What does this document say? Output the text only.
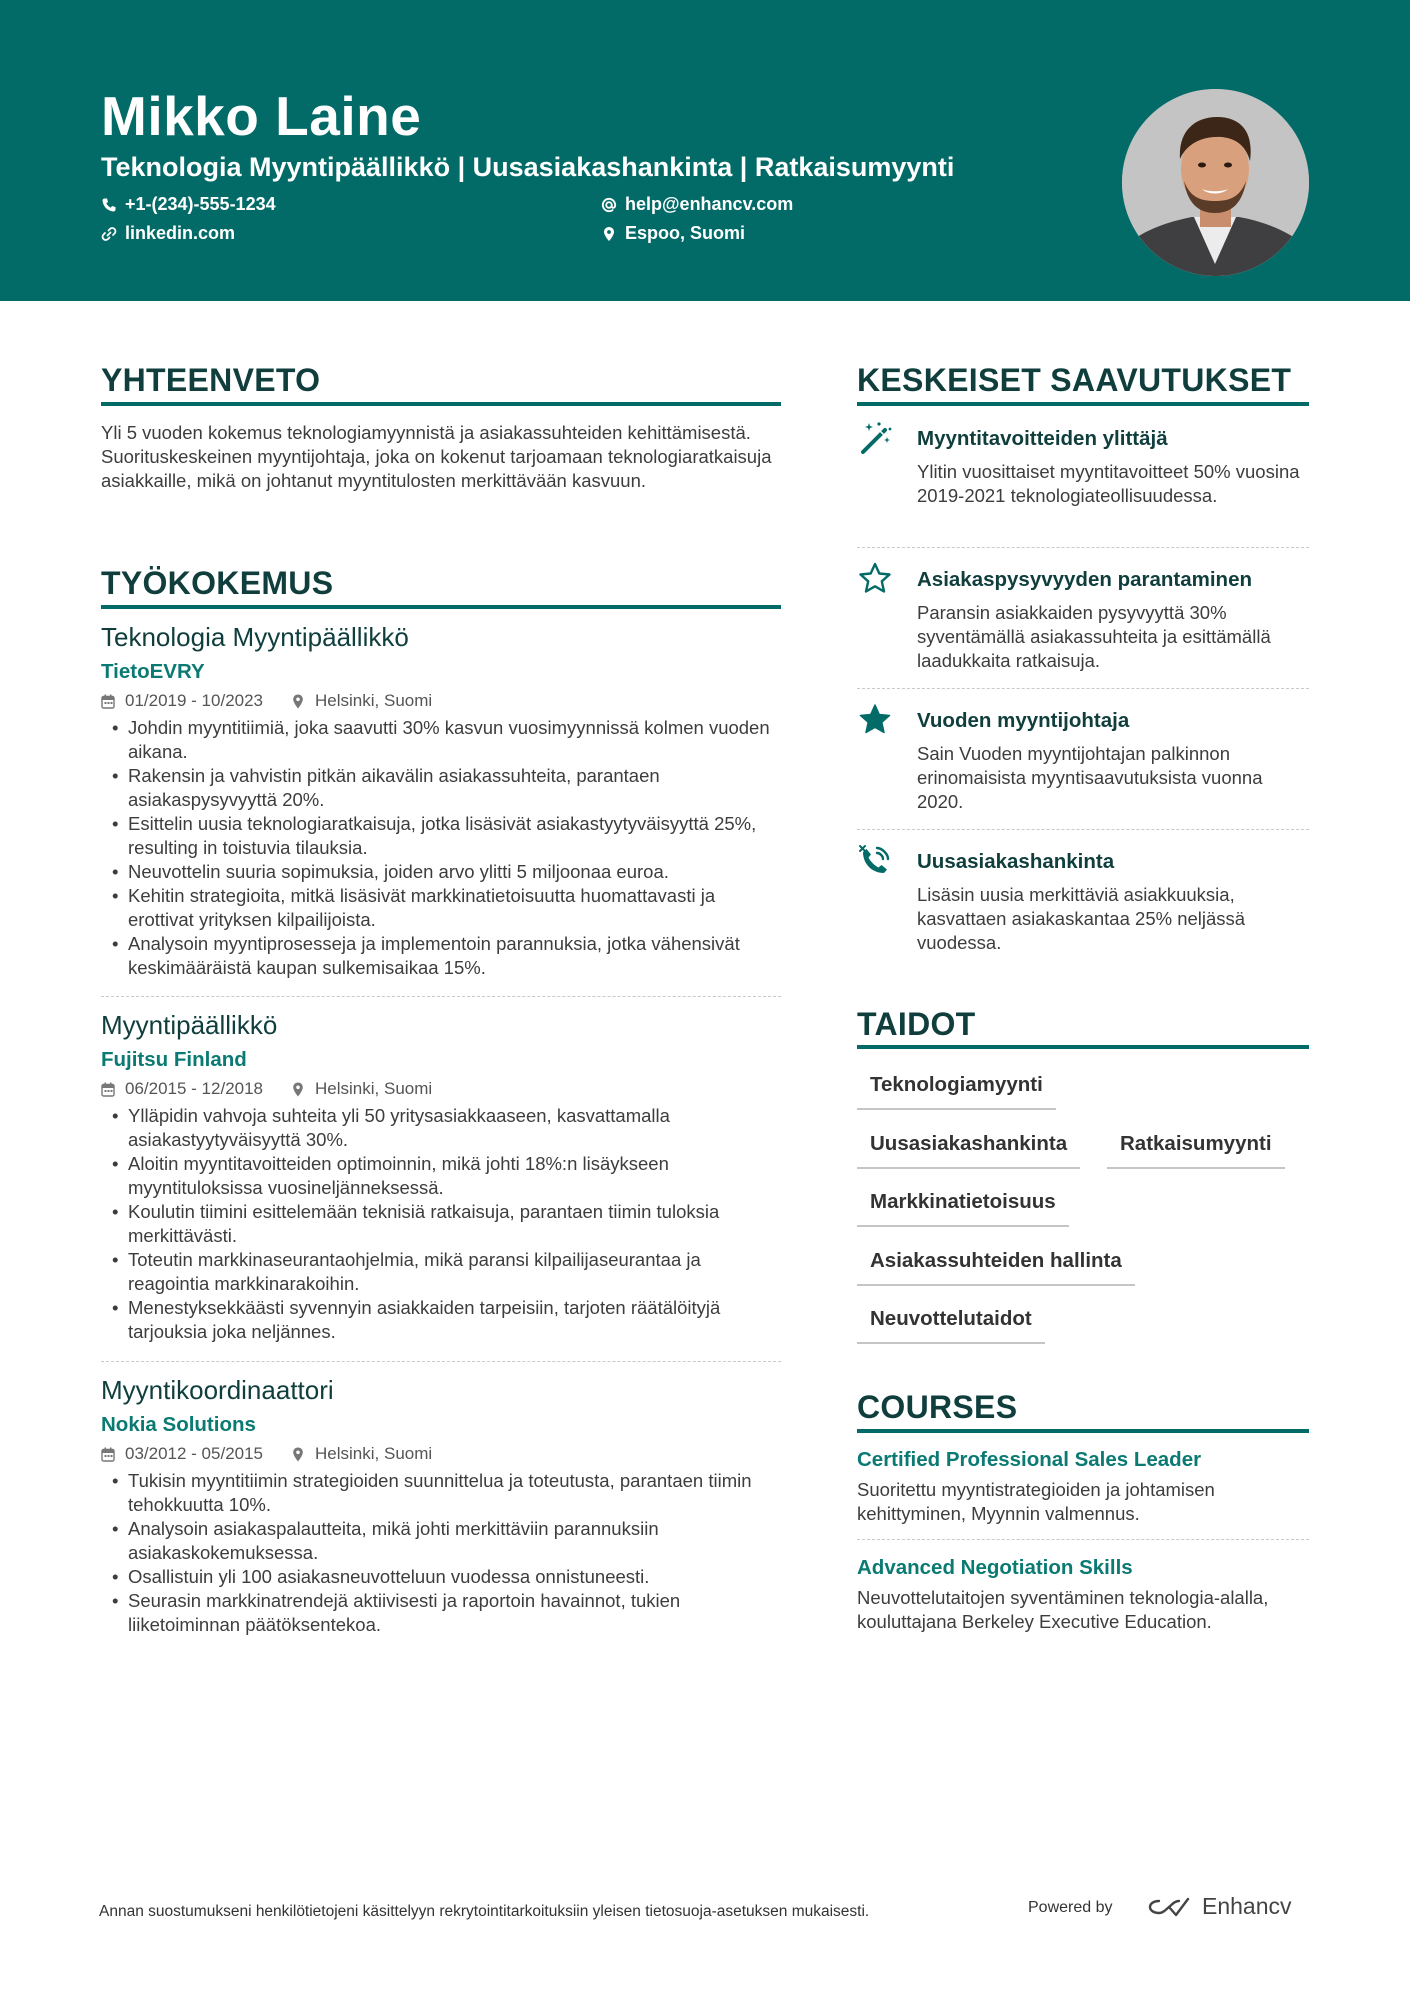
Mikko Laine
Teknologia Myyntipäällikkö | Uusasiakashankinta | Ratkaisumyynti
+1-(234)-555-1234	help@enhancv.com
linkedin.com	Espoo, Suomi
YHTEENVETO
Yli 5 vuoden kokemus teknologiamyynnistä ja asiakassuhteiden kehittämisestä. Suorituskeskeinen myyntijohtaja, joka on kokenut tarjoamaan teknologiaratkaisuja asiakkaille, mikä on johtanut myyntitulosten merkittävään kasvuun.
TYÖKOKEMUS
Teknologia Myyntipäällikkö
TietoEVRY
01/2019 - 10/2023	Helsinki, Suomi
• Johdin myyntitiimiä, joka saavutti 30% kasvun vuosimyynnissä kolmen vuoden aikana.
• Rakensin ja vahvistin pitkän aikavälin asiakassuhteita, parantaen asiakaspysyvyyttä 20%.
• Esittelin uusia teknologiaratkaisuja, jotka lisäsivät asiakastyytyväisyyttä 25%, resulting in toistuvia tilauksia.
• Neuvottelin suuria sopimuksia, joiden arvo ylitti 5 miljoonaa euroa.
• Kehitin strategioita, mitkä lisäsivät markkinatietoisuutta huomattavasti ja erottivat yrityksen kilpailijoista.
• Analysoin myyntiprosesseja ja implementoin parannuksia, jotka vähensivät keskimääräistä kaupan sulkemisaikaa 15%.
Myyntipäällikkö
Fujitsu Finland
06/2015 - 12/2018	Helsinki, Suomi
• Ylläpidin vahvoja suhteita yli 50 yritysasiakkaaseen, kasvattamalla asiakastyytyväisyyttä 30%.
• Aloitin myyntitavoitteiden optimoinnin, mikä johti 18%:n lisäykseen myyntituloksissa vuosineljänneksessä.
• Koulutin tiimini esittelemään teknisiä ratkaisuja, parantaen tiimin tuloksia merkittävästi.
• Toteutin markkinaseurantaohjelmia, mikä paransi kilpailijaseurantaa ja reagointia markkinarakoihin.
• Menestyksekkäästi syvennyin asiakkaiden tarpeisiin, tarjoten räätälöityjä tarjouksia joka neljännes.
Myyntikoordinaattori
Nokia Solutions
03/2012 - 05/2015	Helsinki, Suomi
• Tukisin myyntitiimin strategioiden suunnittelua ja toteutusta, parantaen tiimin tehokkuutta 10%.
• Analysoin asiakaspalautteita, mikä johti merkittäviin parannuksiin asiakaskokemuksessa.
• Osallistuin yli 100 asiakasneuvotteluun vuodessa onnistuneesti.
• Seurasin markkinatrendejä aktiivisesti ja raportoin havainnot, tukien liiketoiminnan päätöksentekoa.
KESKEISET SAAVUTUKSET
Myyntitavoitteiden ylittäjä
Ylitin vuosittaiset myyntitavoitteet 50% vuosina 2019-2021 teknologiateollisuudessa.
Asiakaspysyvyyden parantaminen
Paransin asiakkaiden pysyvyyttä 30% syventämällä asiakassuhteita ja esittämällä laadukkaita ratkaisuja.
Vuoden myyntijohtaja
Sain Vuoden myyntijohtajan palkinnon erinomaisista myyntisaavutuksista vuonna 2020.
Uusasiakashankinta
Lisäsin uusia merkittäviä asiakkuuksia, kasvattaen asiakaskantaa 25% neljässä vuodessa.
TAIDOT
Teknologiamyynti
Uusasiakashankinta	Ratkaisumyynti
Markkinatietoisuus
Asiakassuhteiden hallinta
Neuvottelutaidot
COURSES
Certified Professional Sales Leader
Suoritettu myyntistrategioiden ja johtamisen kehittyminen, Myynnin valmennus.
Advanced Negotiation Skills
Neuvottelutaitojen syventäminen teknologia-alalla, kouluttajana Berkeley Executive Education.
Annan suostumukseni henkilötietojeni käsittelyyn rekrytointitarkoituksiin yleisen tietosuoja-asetuksen mukaisesti.	Powered by	Enhancv
